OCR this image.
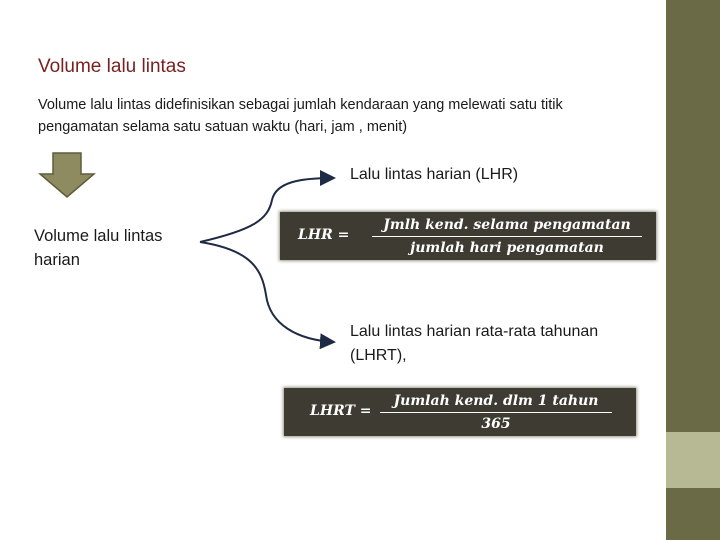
Volume lalu lintas
Volume lalu lintas didefinisikan sebagai jumlah kendaraan yang melewati satu titik pengamatan selama satu satuan waktu (hari, jam , menit)
Volume lalu lintas harian
Lalu lintas harian (LHR)
LHR =
Jmlh kend. selama pengamatan
jumlah hari pengamatan
Lalu lintas harian rata-rata tahunan (LHRT),
LHRT =
Jumlah kend. dlm 1 tahun
365
